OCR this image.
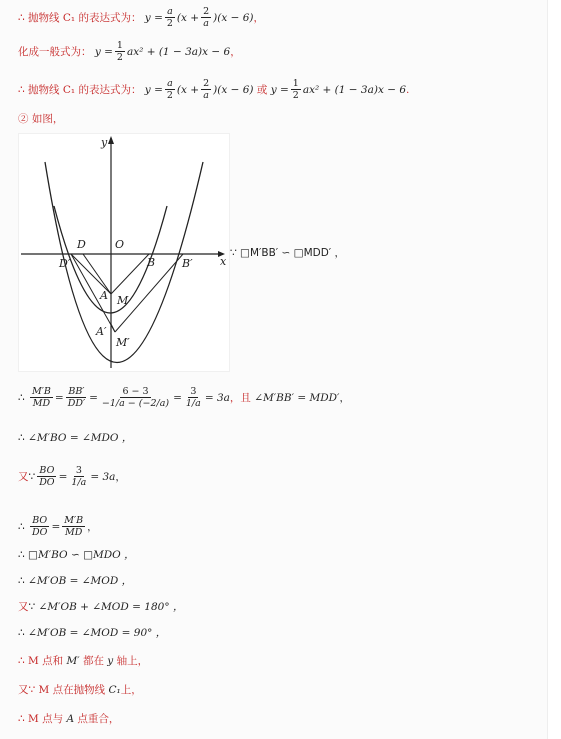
∴
抛物线 C₁ 的表达式为：
$y = \frac{a}{2} (x + \frac{2}{a} )(x - 6)$ ，
化成一般式为：
$y = \frac{1}{2} ax^2 + (1 - 3a)x - 6$ ，
∴
抛物线 C₁ 的表达式为：
$y = \frac{a}{2} (x + \frac{2}{a} )(x - 6)$
或
$y = \frac{1}{2} ax^2 + (1 - 3a)x - 6$ .
② 如图，
y
x
O
D
D′	B B′
A M
A′
M′
∵ □M′BB′ ∽ □MDD′ ，
∴
$\frac{M'B}{MD} = \frac{BB'}{DD'} = \frac{6 - 3}{-1/a - (-2/a)} = \frac{3}{1/a} = 3a$ ，且
∠M′BB′ = MDD′ ，
∴
∠M′BO = ∠MDO ，
又 ∵ $\frac{BO}{DO} = \frac{3}{1/a} = 3a$ ，
∴
$\frac{BO}{DO} = \frac{M'B}{MD}$ ，
∴
□M′BO ∽ □MDO ，
∴
∠M′OB = ∠MOD ，
又 ∵
∠M′OB + ∠MOD = 180° ，
∴
∠M′OB = ∠MOD = 90° ，
∴
M 点和
M′
都在
y
轴上，
又 ∵
M 点在抛物线
C₁ 上，
∴
M 点与
A
点重合，
